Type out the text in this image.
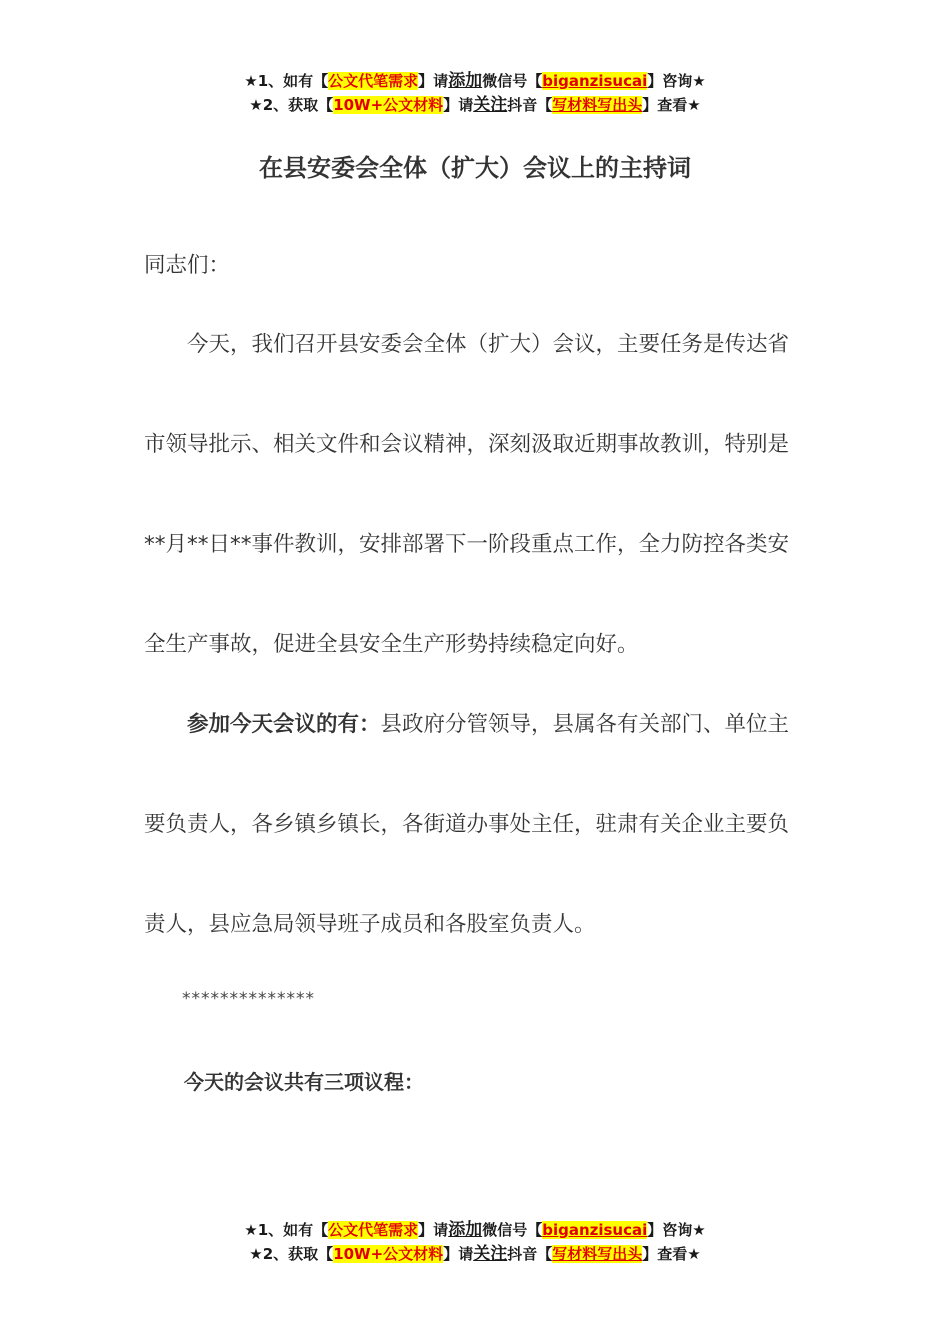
★1、如有【公文代笔需求】请添加微信号【biganzisucai】咨询★
★2、获取【10W+公文材料】请关注抖音【写材料写出头】查看★
在县安委会全体（扩大）会议上的主持词
同志们：

今天，我们召开县安委会全体（扩大）会议，主要任务是传达省市领导批示、相关文件和会议精神，深刻汲取近期事故教训，特别是**月**日**事件教训，安排部署下一阶段重点工作，全力防控各类安全生产事故，促进全县安全生产形势持续稳定向好。

参加今天会议的有：县政府分管领导，县属各有关部门、单位主要负责人，各乡镇乡镇长，各街道办事处主任，驻肃有关企业主要负责人，县应急局领导班子成员和各股室负责人。

**************
今天的会议共有三项议程：
★1、如有【公文代笔需求】请添加微信号【biganzisucai】咨询★
★2、获取【10W+公文材料】请关注抖音【写材料写出头】查看★
